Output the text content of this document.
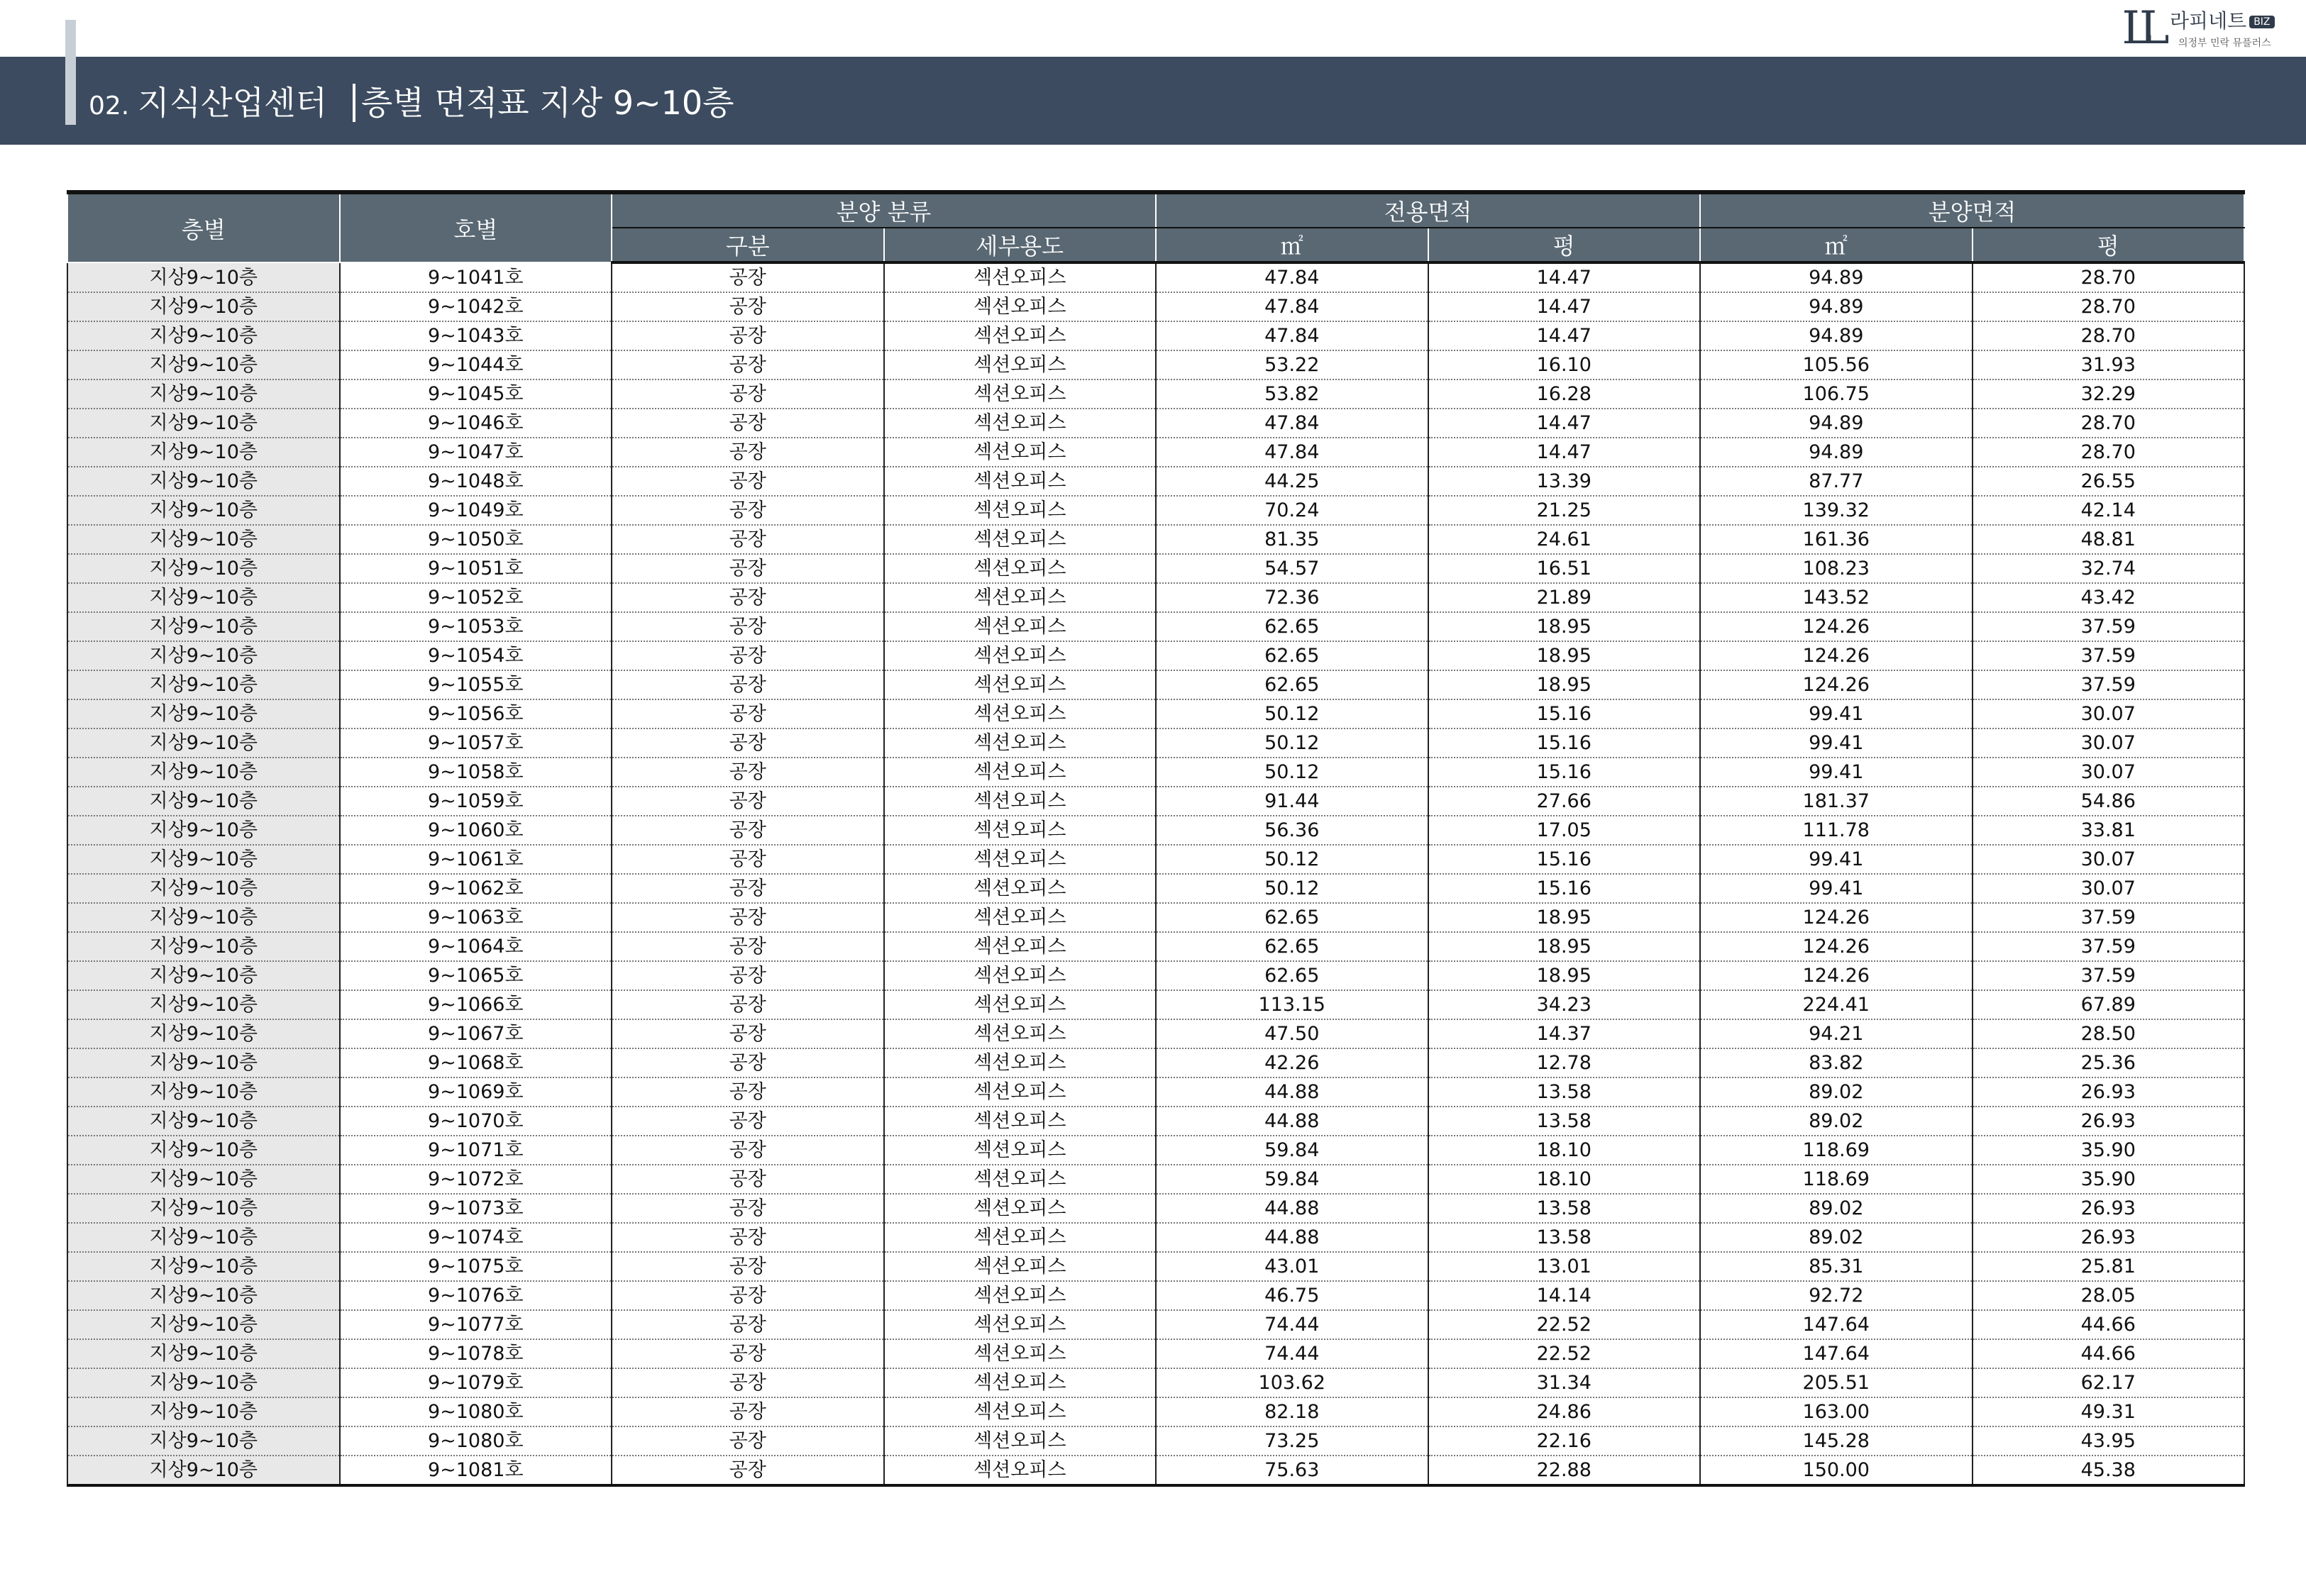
02. 지식산업센터 층별 면적표 지상 9~10층
LL 라피네트 BIZ
의정부 민락 뮤플러스
층별	호별	분양 분류		전용면적		분양면적	
		구분	세부용도	㎡	평	㎡	평
지상9~10층	9~1041호	공장	섹션오피스	47.84	14.47	94.89	28.70
지상9~10층	9~1042호	공장	섹션오피스	47.84	14.47	94.89	28.70
지상9~10층	9~1043호	공장	섹션오피스	47.84	14.47	94.89	28.70
지상9~10층	9~1044호	공장	섹션오피스	53.22	16.10	105.56	31.93
지상9~10층	9~1045호	공장	섹션오피스	53.82	16.28	106.75	32.29
지상9~10층	9~1046호	공장	섹션오피스	47.84	14.47	94.89	28.70
지상9~10층	9~1047호	공장	섹션오피스	47.84	14.47	94.89	28.70
지상9~10층	9~1048호	공장	섹션오피스	44.25	13.39	87.77	26.55
지상9~10층	9~1049호	공장	섹션오피스	70.24	21.25	139.32	42.14
지상9~10층	9~1050호	공장	섹션오피스	81.35	24.61	161.36	48.81
지상9~10층	9~1051호	공장	섹션오피스	54.57	16.51	108.23	32.74
지상9~10층	9~1052호	공장	섹션오피스	72.36	21.89	143.52	43.42
지상9~10층	9~1053호	공장	섹션오피스	62.65	18.95	124.26	37.59
지상9~10층	9~1054호	공장	섹션오피스	62.65	18.95	124.26	37.59
지상9~10층	9~1055호	공장	섹션오피스	62.65	18.95	124.26	37.59
지상9~10층	9~1056호	공장	섹션오피스	50.12	15.16	99.41	30.07
지상9~10층	9~1057호	공장	섹션오피스	50.12	15.16	99.41	30.07
지상9~10층	9~1058호	공장	섹션오피스	50.12	15.16	99.41	30.07
지상9~10층	9~1059호	공장	섹션오피스	91.44	27.66	181.37	54.86
지상9~10층	9~1060호	공장	섹션오피스	56.36	17.05	111.78	33.81
지상9~10층	9~1061호	공장	섹션오피스	50.12	15.16	99.41	30.07
지상9~10층	9~1062호	공장	섹션오피스	50.12	15.16	99.41	30.07
지상9~10층	9~1063호	공장	섹션오피스	62.65	18.95	124.26	37.59
지상9~10층	9~1064호	공장	섹션오피스	62.65	18.95	124.26	37.59
지상9~10층	9~1065호	공장	섹션오피스	62.65	18.95	124.26	37.59
지상9~10층	9~1066호	공장	섹션오피스	113.15	34.23	224.41	67.89
지상9~10층	9~1067호	공장	섹션오피스	47.50	14.37	94.21	28.50
지상9~10층	9~1068호	공장	섹션오피스	42.26	12.78	83.82	25.36
지상9~10층	9~1069호	공장	섹션오피스	44.88	13.58	89.02	26.93
지상9~10층	9~1070호	공장	섹션오피스	44.88	13.58	89.02	26.93
지상9~10층	9~1071호	공장	섹션오피스	59.84	18.10	118.69	35.90
지상9~10층	9~1072호	공장	섹션오피스	59.84	18.10	118.69	35.90
지상9~10층	9~1073호	공장	섹션오피스	44.88	13.58	89.02	26.93
지상9~10층	9~1074호	공장	섹션오피스	44.88	13.58	89.02	26.93
지상9~10층	9~1075호	공장	섹션오피스	43.01	13.01	85.31	25.81
지상9~10층	9~1076호	공장	섹션오피스	46.75	14.14	92.72	28.05
지상9~10층	9~1077호	공장	섹션오피스	74.44	22.52	147.64	44.66
지상9~10층	9~1078호	공장	섹션오피스	74.44	22.52	147.64	44.66
지상9~10층	9~1079호	공장	섹션오피스	103.62	31.34	205.51	62.17
지상9~10층	9~1080호	공장	섹션오피스	82.18	24.86	163.00	49.31
지상9~10층	9~1080호	공장	섹션오피스	73.25	22.16	145.28	43.95
지상9~10층	9~1081호	공장	섹션오피스	75.63	22.88	150.00	45.38
